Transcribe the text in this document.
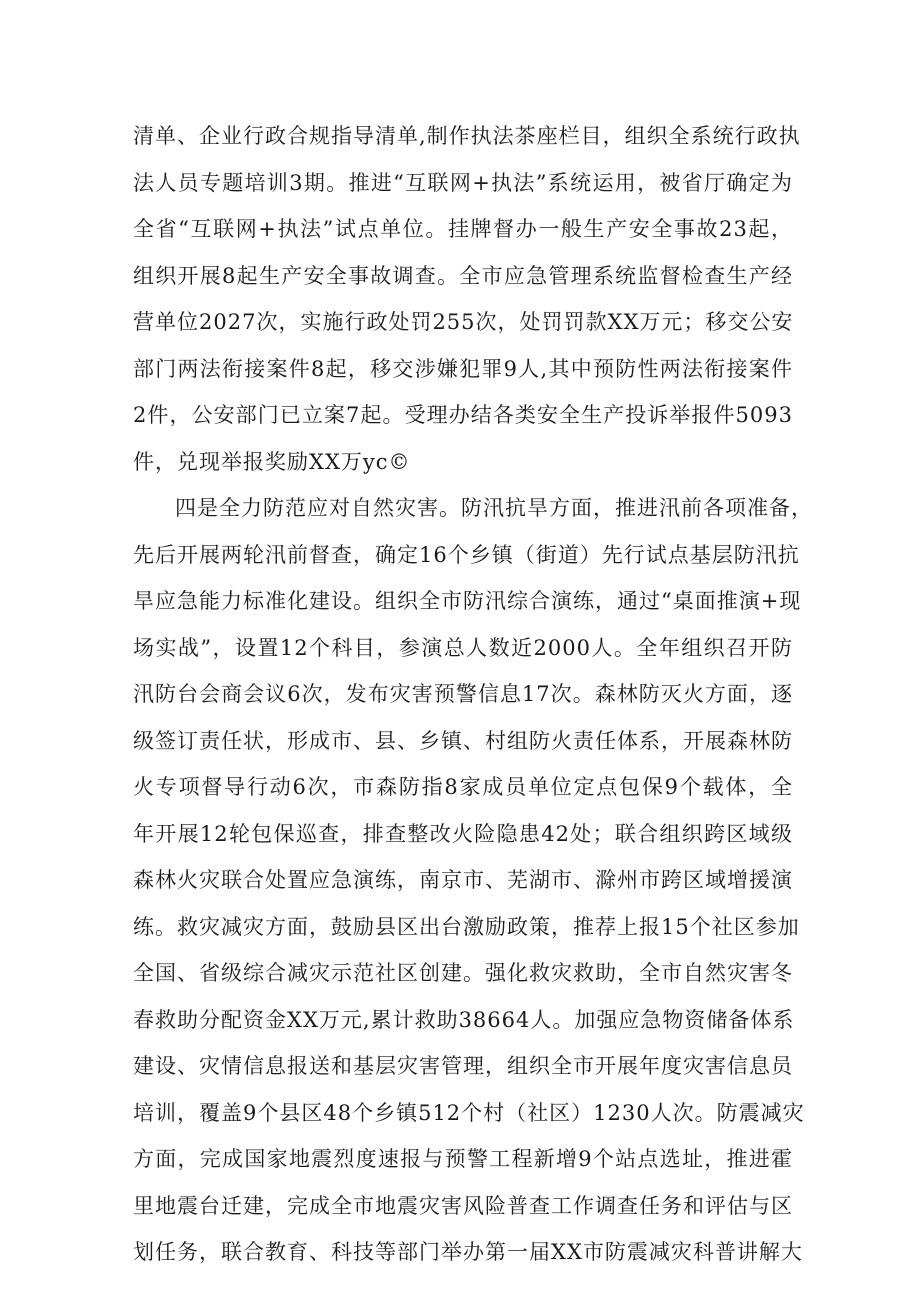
清单、企业行政合规指导清单,制作执法茶座栏目，组织全系统行政执
法人员专题培训3期。推进“互联网+执法”系统运用，被省厅确定为
全省“互联网+执法”试点单位。挂牌督办一般生产安全事故23起，
组织开展8起生产安全事故调查。全市应急管理系统监督检查生产经
营单位2027次，实施行政处罚255次，处罚罚款XX万元；移交公安
部门两法衔接案件8起，移交涉嫌犯罪9人,其中预防性两法衔接案件
2件，公安部门已立案7起。受理办结各类安全生产投诉举报件5093
件，兑现举报奖励XX万yc©
四是全力防范应对自然灾害。防汛抗旱方面，推进汛前各项准备，
先后开展两轮汛前督查，确定16个乡镇（街道）先行试点基层防汛抗
旱应急能力标准化建设。组织全市防汛综合演练，通过“桌面推演+现
场实战”，设置12个科目，参演总人数近2000人。全年组织召开防
汛防台会商会议6次，发布灾害预警信息17次。森林防灭火方面，逐
级签订责任状，形成市、县、乡镇、村组防火责任体系，开展森林防
火专项督导行动6次，市森防指8家成员单位定点包保9个载体，全
年开展12轮包保巡查，排查整改火险隐患42处；联合组织跨区域级
森林火灾联合处置应急演练，南京市、芜湖市、滁州市跨区域增援演
练。救灾减灾方面，鼓励县区出台激励政策，推荐上报15个社区参加
全国、省级综合减灾示范社区创建。强化救灾救助，全市自然灾害冬
春救助分配资金XX万元,累计救助38664人。加强应急物资储备体系
建设、灾情信息报送和基层灾害管理，组织全市开展年度灾害信息员
培训，覆盖9个县区48个乡镇512个村（社区）1230人次。防震减灾
方面，完成国家地震烈度速报与预警工程新增9个站点选址，推进霍
里地震台迁建，完成全市地震灾害风险普查工作调查任务和评估与区
划任务，联合教育、科技等部门举办第一届XX市防震减灾科普讲解大
